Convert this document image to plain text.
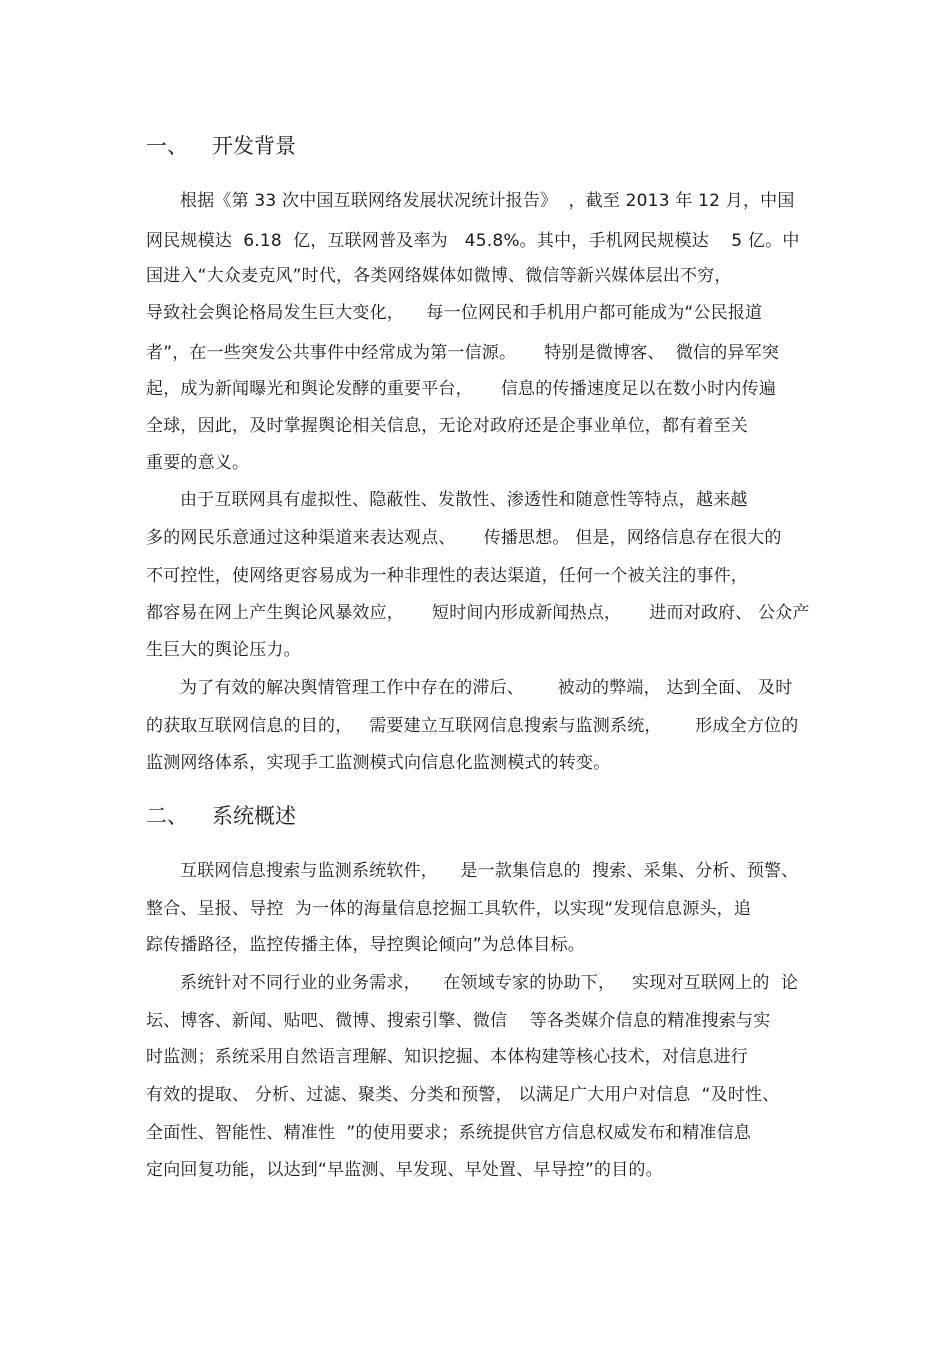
一、 开发背景
根据《第 33 次中国互联网络发展状况统计报告》  ，截至 2013 年 12 月，中国
网民规模达  6.18  亿，互联网普及率为   45.8%。其中，手机网民规模达    5 亿。中
国进入“大众麦克风”时代，各类网络媒体如微博、微信等新兴媒体层出不穷，
导致社会舆论格局发生巨大变化，    每一位网民和手机用户都可能成为“公民报道
者”，在一些突发公共事件中经常成为第一信源。     特别是微博客、  微信的异军突
起，成为新闻曝光和舆论发酵的重要平台，     信息的传播速度足以在数小时内传遍
全球，因此，及时掌握舆论相关信息，无论对政府还是企事业单位，都有着至关
重要的意义。
由于互联网具有虚拟性、隐蔽性、发散性、渗透性和随意性等特点，越来越
多的网民乐意通过这种渠道来表达观点、     传播思想。 但是，网络信息存在很大的
不可控性，使网络更容易成为一种非理性的表达渠道，任何一个被关注的事件，
都容易在网上产生舆论风暴效应，     短时间内形成新闻热点，     进而对政府、 公众产
生巨大的舆论压力。
为了有效的解决舆情管理工作中存在的滞后、      被动的弊端， 达到全面、 及时
的获取互联网信息的目的，   需要建立互联网信息搜索与监测系统，      形成全方位的
监测网络体系，实现手工监测模式向信息化监测模式的转变。
二、 系统概述
互联网信息搜索与监测系统软件，    是一款集信息的  搜索、采集、分析、预警、
整合、呈报、导控  为一体的海量信息挖掘工具软件，以实现“发现信息源头，追
踪传播路径，监控传播主体，导控舆论倾向”为总体目标。
系统针对不同行业的业务需求，    在领域专家的协助下，   实现对互联网上的  论
坛、博客、新闻、贴吧、微博、搜索引擎、微信    等各类媒介信息的精准搜索与实
时监测；系统采用自然语言理解、知识挖掘、本体构建等核心技术，对信息进行
有效的提取、 分析、过滤、聚类、分类和预警， 以满足广大用户对信息  “及时性、
全面性、智能性、精准性  ”的使用要求；系统提供官方信息权威发布和精准信息
定向回复功能，以达到“早监测、早发现、早处置、早导控”的目的。
